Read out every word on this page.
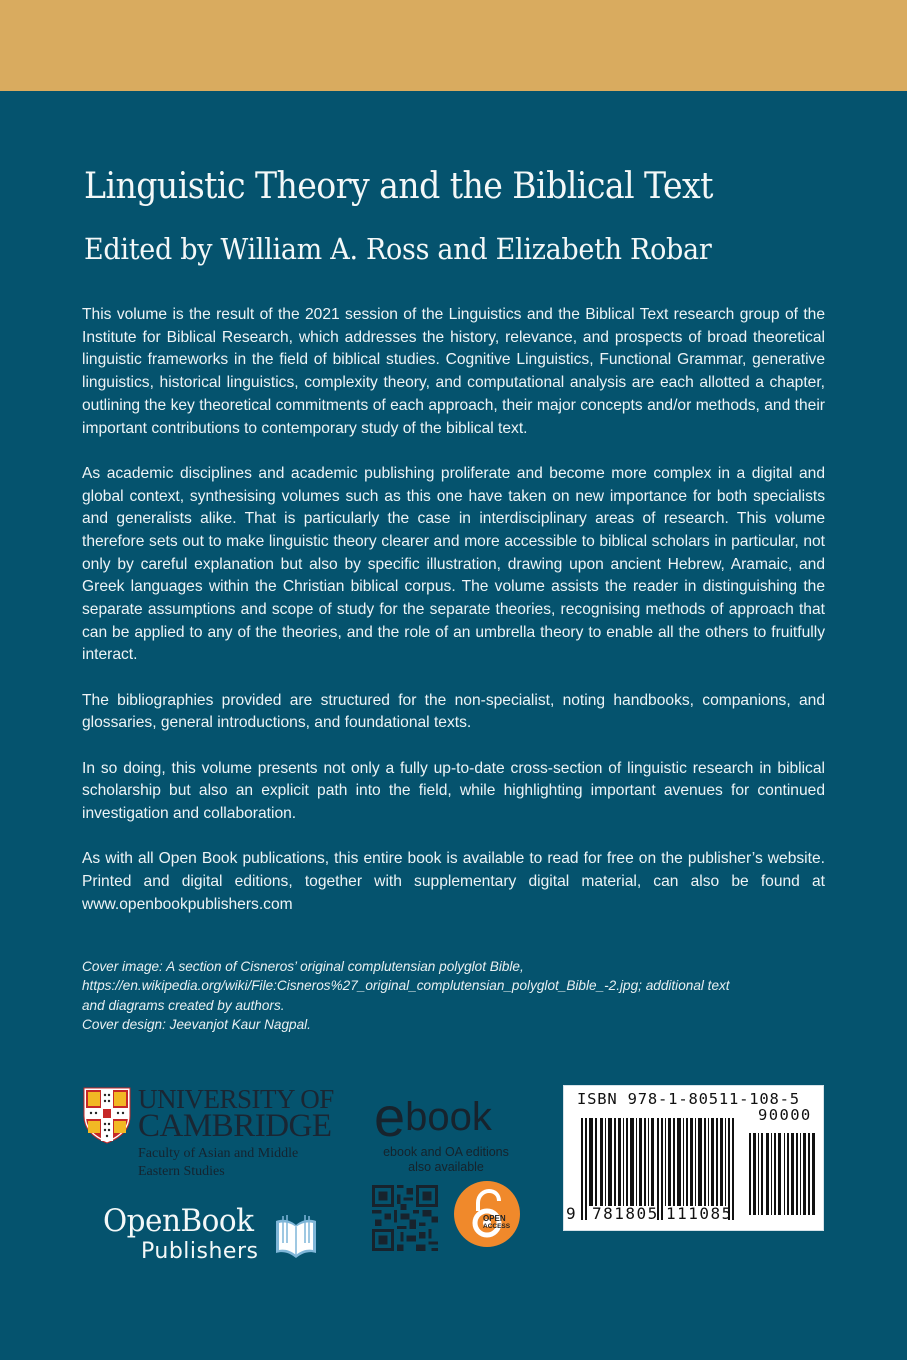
Linguistic Theory and the Biblical Text
Edited by William A. Ross and Elizabeth Robar

This volume is the result of the 2021 session of the Linguistics and the Biblical Text research group of the Institute for Biblical Research, which addresses the history, relevance, and prospects of broad theoretical linguistic frameworks in the field of biblical studies. Cognitive Linguistics, Functional Grammar, generative linguistics, historical linguistics, complexity theory, and computational analysis are each allotted a chapter, outlining the key theoretical commitments of each approach, their major concepts and/or methods, and their important contributions to contemporary study of the biblical text.

As academic disciplines and academic publishing proliferate and become more complex in a digital and global context, synthesising volumes such as this one have taken on new importance for both specialists and generalists alike. That is particularly the case in interdisciplinary areas of research. This volume therefore sets out to make linguistic theory clearer and more accessible to biblical scholars in particular, not only by careful explanation but also by specific illustration, drawing upon ancient Hebrew, Aramaic, and Greek languages within the Christian biblical corpus. The volume assists the reader in distinguishing the separate assumptions and scope of study for the separate theories, recognising methods of approach that can be applied to any of the theories, and the role of an umbrella theory to enable all the others to fruitfully interact.

The bibliographies provided are structured for the non-specialist, noting handbooks, companions, and glossaries, general introductions, and foundational texts.

In so doing, this volume presents not only a fully up-to-date cross-section of linguistic research in biblical scholarship but also an explicit path into the field, while highlighting important avenues for continued investigation and collaboration.

As with all Open Book publications, this entire book is available to read for free on the publisher’s website. Printed and digital editions, together with supplementary digital material, can also be found at www.openbookpublishers.com

Cover image: A section of Cisneros’ original complutensian polyglot Bible,
https://en.wikipedia.org/wiki/File:Cisneros%27_original_complutensian_polyglot_Bible_-2.jpg; additional text
and diagrams created by authors.
Cover design: Jeevanjot Kaur Nagpal.
UNIVERSITY OF
CAMBRIDGE
Faculty of Asian and Middle
Eastern Studies
OpenBook
Publishers
ebook
ebook and OA editions
also available
OPEN
ACCESS
ISBN 978-1-80511-108-5
90000
9 781805 111085
